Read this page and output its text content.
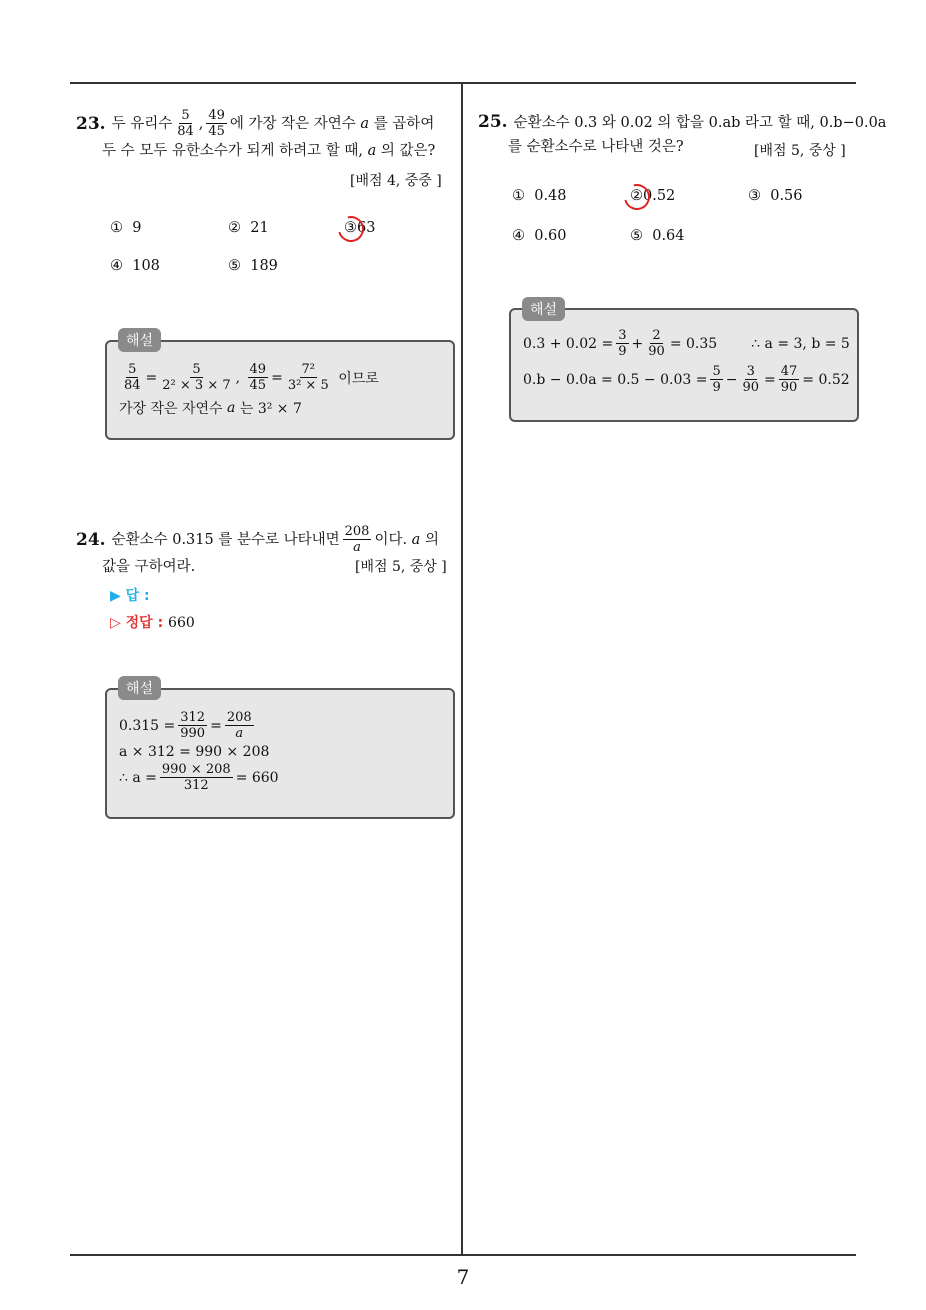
7
23. 두 유리수 $\frac{5}{84}$ , $\frac{49}{45}$ 에 가장 작은 자연수
a
를 곱하여
두 수 모두 유한소수가 되게 하려고 할 때, a 의 값은?
[배점 4, 중중 ]
① 9	② 21	③63
④ 108	⑤ 189
$\frac{5}{84} = \frac{5}{\text{2² × 3 × 7}}$ , $\frac{49}{45} = \frac{\text{7²}}{\text{3² × 5}}$
이므로
가장 작은 자연수
a
는 3² × 7
해설
24. 순환소수 0.315 를 분수로 나타내면 $\frac{208}{a}$ 이다.
a
의
값을 구하여라.	[배점 5, 중상 ]
▶ 답 :
▷ 정답 : 660
$0.315 = \frac{312}{990} = \frac{208}{a}$
a × 312 = 990 × 208
∴ $a = \frac{990 \times 208}{312} = 660$
해설
25. 순환소수 0.3 와 0.02 의 합을 0.ab 라고 할 때, 0.b−0.0a
를 순환소수로 나타낸 것은?	[배점 5, 중상 ]
① 0.48	②0.52	③ 0.56
④ 0.60	⑤ 0.64
$0.3 + 0.02 = \frac{3}{9} + \frac{2}{90} = 0.35$ ∴ a = 3, b = 5
$0.b - 0.0a = 0.5 - 0.03 = \frac{5}{9} - \frac{3}{90} = \frac{47}{90} = 0.52$
해설
